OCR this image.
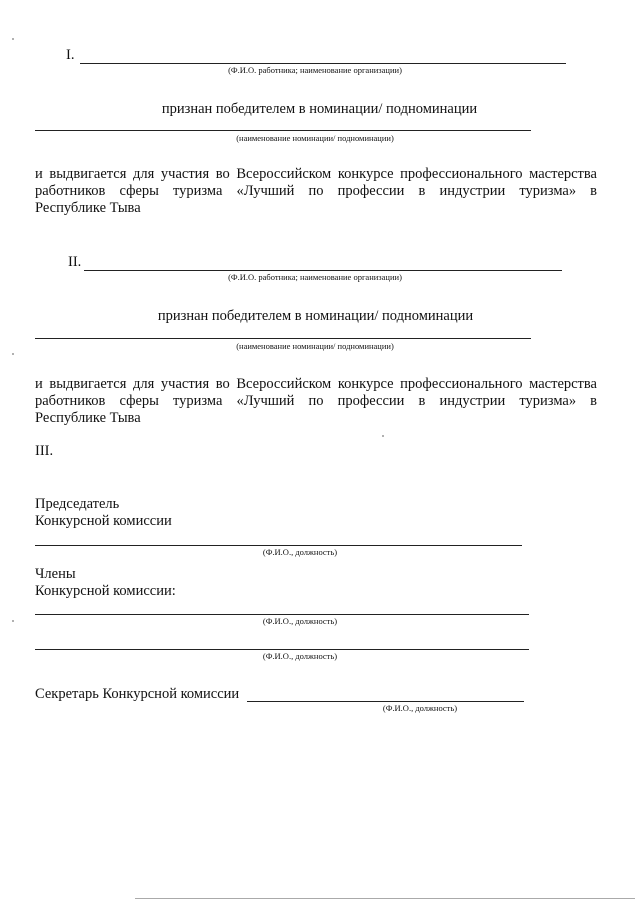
I.
(Ф.И.О. работника; наименование организации)
признан победителем в номинации/ подноминации
(наименование номинации/ подноминации)
и выдвигается для участия во Всероссийском конкурсе профессионального мастерства
работников сферы туризма «Лучший по профессии в индустрии туризма» в
Республике Тыва
II.
(Ф.И.О. работника; наименование организации)
признан победителем в номинации/ подноминации
(наименование номинации/ подноминации)
и выдвигается для участия во Всероссийском конкурсе профессионального мастерства
работников сферы туризма «Лучший по профессии в индустрии туризма» в
Республике Тыва
III.
Председатель
Конкурсной комиссии
(Ф.И.О., должность)
Члены
Конкурсной комиссии:
(Ф.И.О., должность)
(Ф.И.О., должность)
Секретарь Конкурсной комиссии
(Ф.И.О., должность)
